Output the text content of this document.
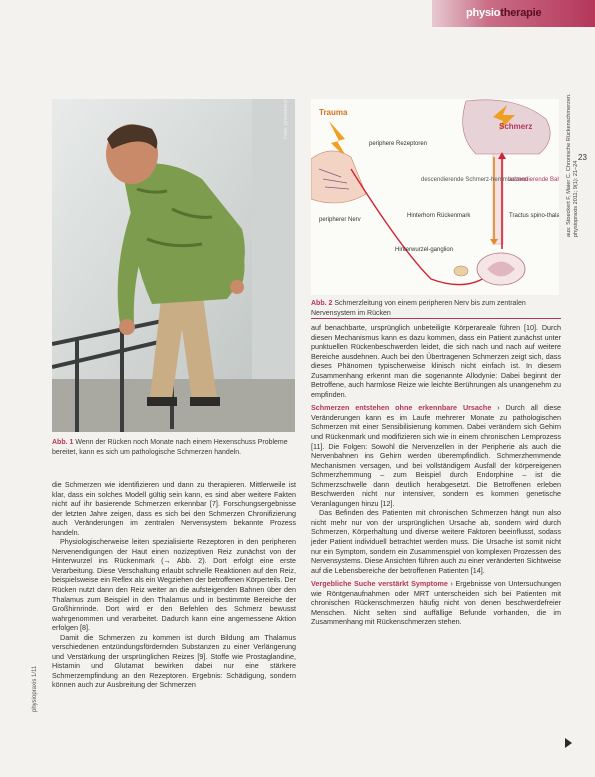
physiotherapie
Foto: pressetext
Abb. 1 Wenn der Rücken noch Monate nach einem Hexenschuss Probleme bereitet, kann es sich um pathologische Schmerzen handeln.
Trauma
Schmerz
periphere Rezeptoren
descendierende Schmerz-hemmbahnen
aszendierende Ba
Hinterhorn Rückenmark
peripherer Nerv
Tractus spino-thala
Hinterwurzel-ganglion
Abb. 2 Schmerzleitung von einem peripheren Nerv bis zum zentralen Nervensystem im Rücken
aus: Stoeckert F, Maier C. Chronische Rückenschmerzen. physiopraxis 2011; 9(1): 21–24
23
physiopraxis 1/11

die Schmerzen wie identifizieren und dann zu therapieren. Mittlerweile ist klar, dass ein solches Modell gültig sein kann, es sind aber weitere Fakten nicht auf ihr basierende Schmerzen erkennbar [7]. Forschungsergebnisse der letzten Jahre zeigen, dass es sich bei den Schmerzen Chronifizierung auch Veränderungen im zentralen Nervensystem bekannte Prozess handeln.

Physiologischerweise leiten spezialisierte Rezeptoren in den peripheren Nervenendigungen der Haut einen nozizeptiven Reiz zunächst von der Hinterwurzel ins Rückenmark (→ Abb. 2). Dort erfolgt eine erste Verarbeitung. Diese Verschaltung erlaubt schnelle Reaktionen auf den Reiz, beispielsweise ein Reflex als ein Wegziehen der betroffenen Körperteils. Der Rücken nutzt dann den Reiz weiter an die aufsteigenden Bahnen über den Thalamus zum Beispiel in den Thalamus und in bestimmte Bereiche der Großhirnrinde. Dort wird er den Befehlen des Schmerz bewusst wahrgenommen und verarbeitet. Dadurch kann eine angemessene Aktion erfolgen [8].

Damit die Schmerzen zu kommen ist durch Bildung am Thalamus verschiedenen entzündungsfördernden Substanzen zu einer Verlängerung und Verstärkung der ursprünglichen Reizes [9]. Stoffe wie Prostaglandine, Histamin und Glutamat bewirken dabei nur eine stärkere Schmerzempfindung an den Rezeptoren. Ergebnis: Schädigung, sondern können auch zur Ausbreitung der Schmerzen

auf benachbarte, ursprünglich unbeteiligte Körperareale führen [10]. Durch diesen Mechanismus kann es dazu kommen, dass ein Patient zunächst unter punktuellen Rückenbeschwerden leidet, die sich nach und nach auf weitere Bereiche ausdehnen. Auch bei den Übertragenen Schmerzen zeigt sich, dass dieses Phänomen typischerweise klinisch nicht einfach ist. In diesem Zusammenhang erkennt man die sogenannte Allodynie: Dabei beginnt der Betroffene, auch harmlose Reize wie leichte Berührungen als unangenehm zu empfinden.

Schmerzen entstehen ohne erkennbare Ursache › Durch all diese Veränderungen kann es im Laufe mehrerer Monate zu pathologischen Schmerzen mit einer Sensibilisierung kommen. Dabei verändern sich Gehirn und Rückenmark und modifizieren sich wie in einem chronischen Lernprozess [11]. Die Folgen: Sowohl die Nervenzellen in der Peripherie als auch die Nervenbahnen ins Gehirn werden überempfindlich. Schmerzhemmende Mechanismen versagen, und bei vollständigem Ausfall der körpereigenen Schmerzhemmung – zum Beispiel durch Endorphine – ist die Schmerzschwelle dann deutlich herabgesetzt. Die Betroffenen erleben Beschwerden nicht nur intensiver, sondern es kommen genetische Veranlagungen hinzu [12].

Das Befinden des Patienten mit chronischen Schmerzen hängt nun also nicht mehr nur von der ursprünglichen Ursache ab, sondern wird durch Schmerzen, Körperhaltung und diverse weitere Faktoren beeinflusst, sodass jeder Patient individuell betrachtet werden muss. Die Ursache ist somit nicht nur ein Symptom, sondern ein Zusammenspiel von komplexen Prozessen des Nervensystems. Diese Ansichten führen auch zu einer veränderten Sichtweise auf die Lebensbereiche der betroffenen Patienten [14].

Vergebliche Suche verstärkt Symptome › Ergebnisse von Untersuchungen wie Röntgenaufnahmen oder MRT unterscheiden sich bei Patienten mit chronischen Rückenschmerzen häufig nicht von denen beschwerdefreier Menschen. Nicht selten sind auffällige Befunde vorhanden, die im Zusammenhang mit Rückenschmerzen stehen.
